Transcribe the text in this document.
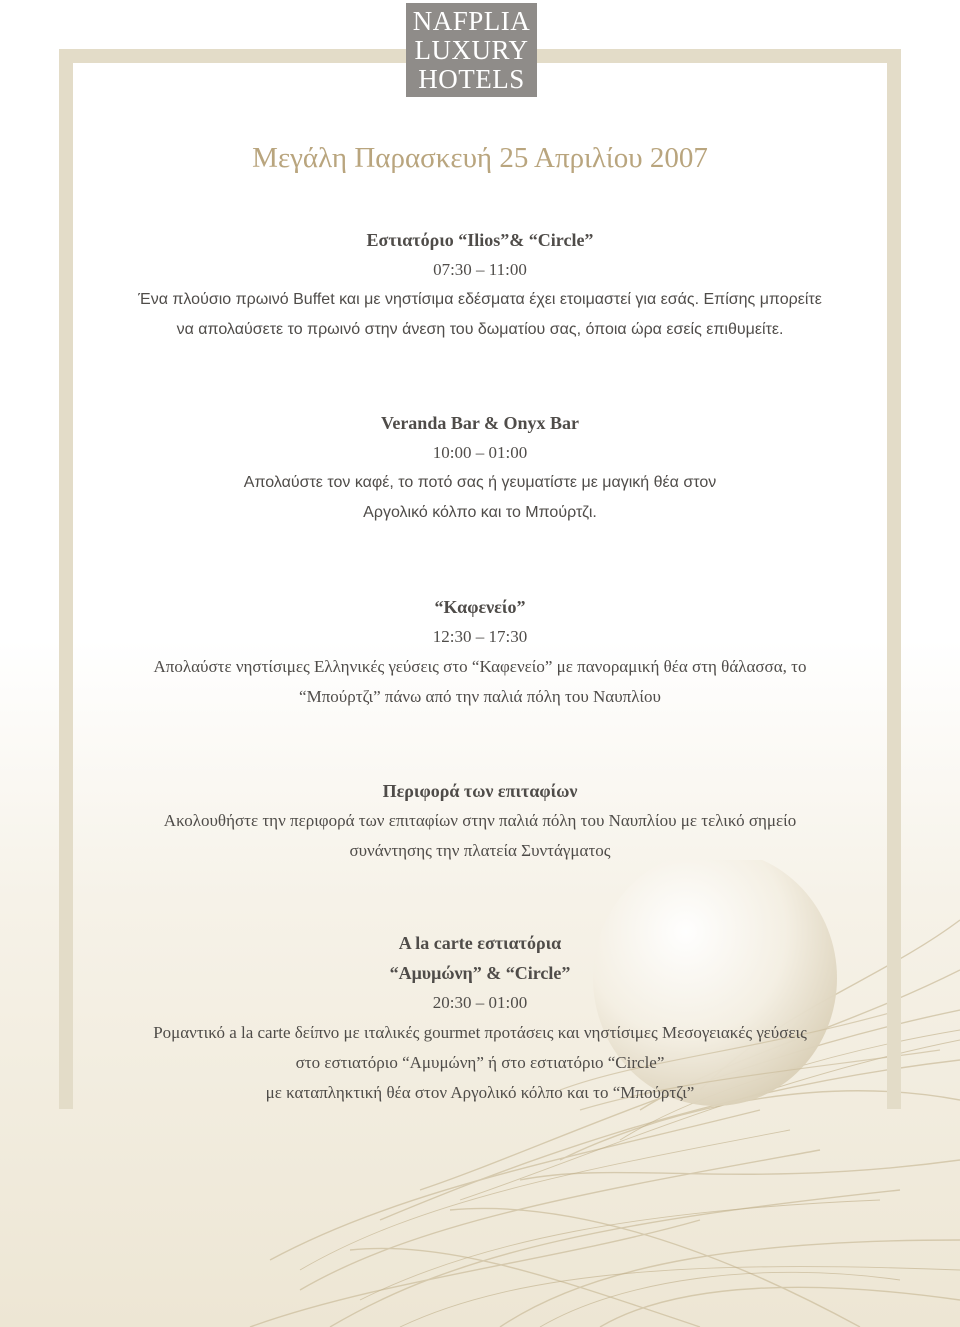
NAFPLIA
LUXURY
HOTELS
Μεγάλη Παρασκευή 25 Απριλίου 2007
Εστιατόριο “Ilios”& “Circle”
07:30 – 11:00
Ένα πλούσιο πρωινό Buffet και με νηστίσιμα εδέσματα έχει ετοιμαστεί για εσάς. Επίσης μπορείτε
να απολαύσετε το πρωινό στην άνεση του δωματίου σας, όποια ώρα εσείς επιθυμείτε.
Veranda Bar & Onyx Bar
10:00 – 01:00
Απολαύστε τον καφέ, το ποτό σας ή γευματίστε με μαγική θέα στον
Αργολικό κόλπο και το Μπούρτζι.
“Καφενείο”
12:30 – 17:30
Απολαύστε νηστίσιμες Ελληνικές γεύσεις στο “Καφενείο” με πανοραμική θέα στη θάλασσα, το
“Μπούρτζι” πάνω από την παλιά πόλη του Ναυπλίου
Περιφορά των επιταφίων
Ακολουθήστε την περιφορά των επιταφίων στην παλιά πόλη του Ναυπλίου με τελικό σημείο
συνάντησης την πλατεία Συντάγματος
A la carte εστιατόρια
“Αμυμώνη” & “Circle”
20:30 – 01:00
Ρομαντικό a la carte δείπνο με ιταλικές gourmet προτάσεις και νηστίσιμες Μεσογειακές γεύσεις
στο εστιατόριο “Αμυμώνη” ή στο εστιατόριο “Circle”
με καταπληκτική θέα στον Αργολικό κόλπο και το “Μπούρτζι”
